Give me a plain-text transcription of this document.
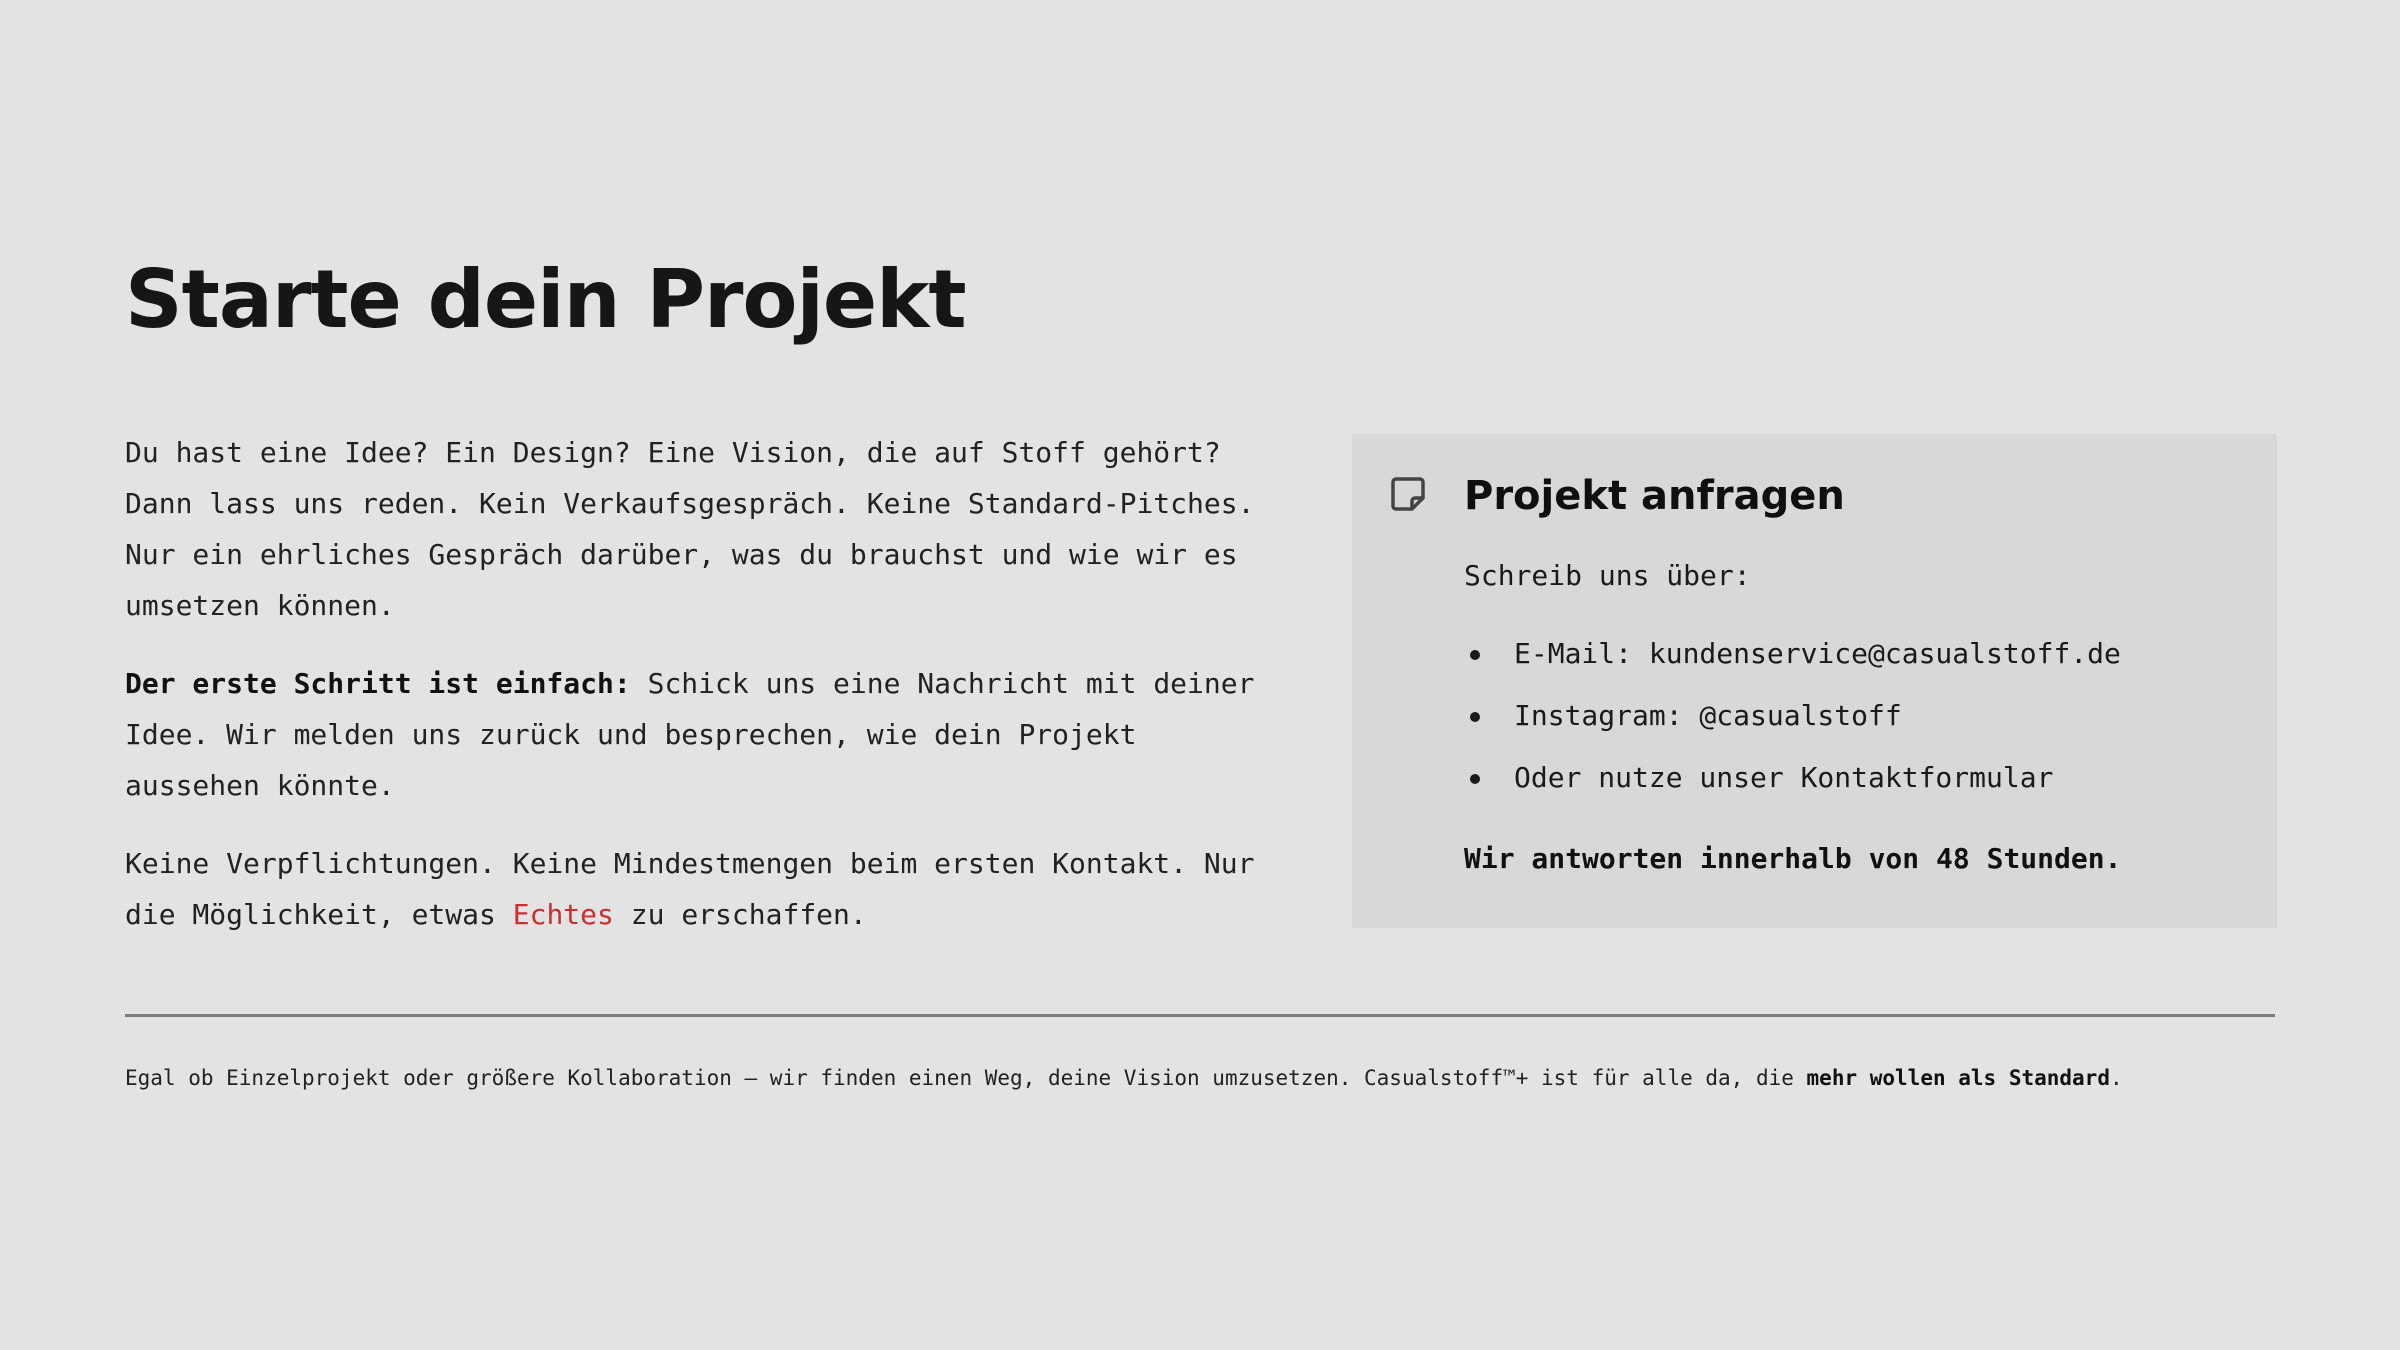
Starte dein Projekt

Du hast eine Idee? Ein Design? Eine Vision, die auf Stoff gehört? Dann lass uns reden. Kein Verkaufsgespräch. Keine Standard-Pitches. Nur ein ehrliches Gespräch darüber, was du brauchst und wie wir es umsetzen können.

Der erste Schritt ist einfach: Schick uns eine Nachricht mit deiner Idee. Wir melden uns zurück und besprechen, wie dein Projekt aussehen könnte.

Keine Verpflichtungen. Keine Mindestmengen beim ersten Kontakt. Nur die Möglichkeit, etwas Echtes zu erschaffen.

Projekt anfragen
Schreib uns über:
E-Mail: kundenservice@casualstoff.de
Instagram: @casualstoff
Oder nutze unser Kontaktformular
Wir antworten innerhalb von 48 Stunden.
Egal ob Einzelprojekt oder größere Kollaboration – wir finden einen Weg, deine Vision umzusetzen. Casualstoff™+ ist für alle da, die mehr wollen als Standard.
